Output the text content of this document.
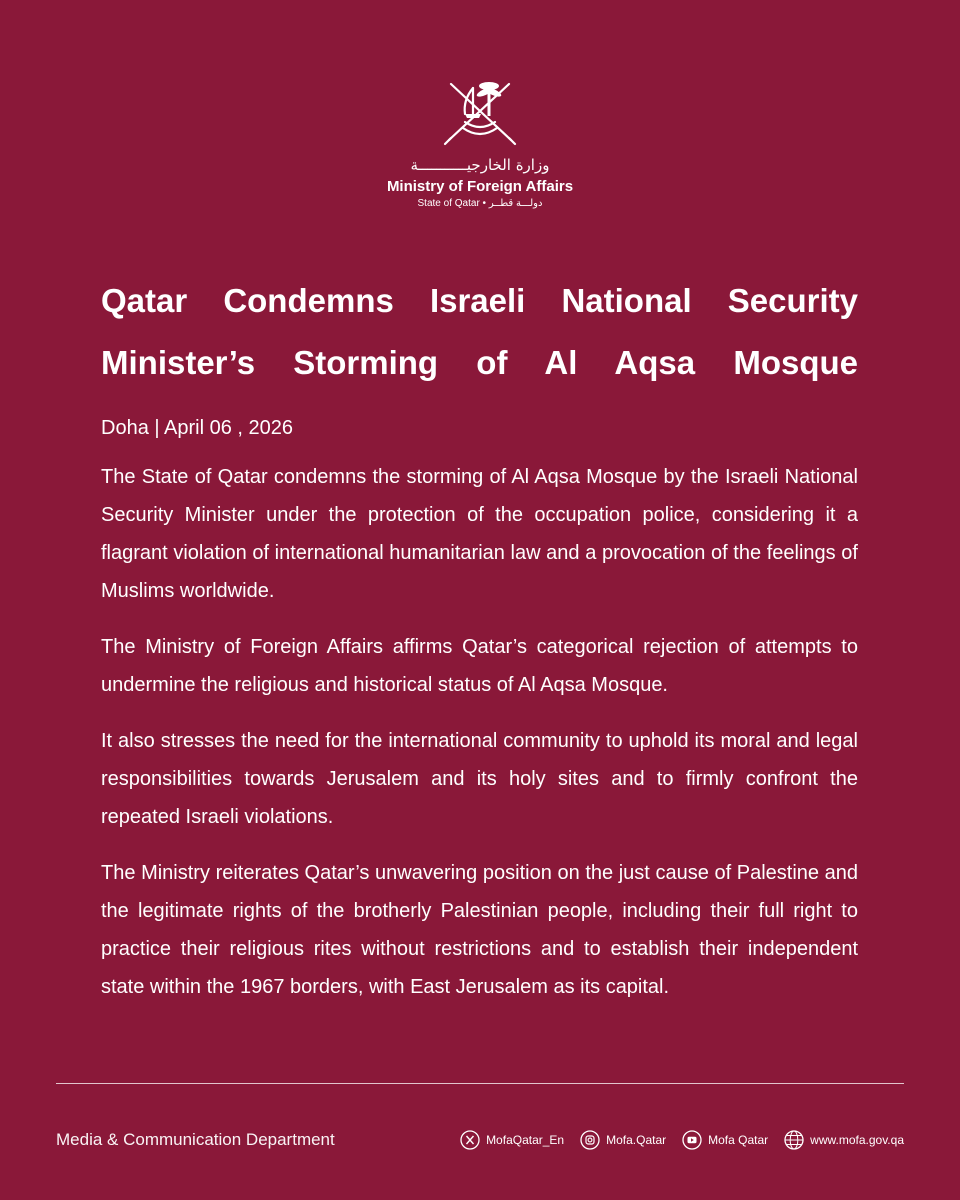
وزارة الخارجيـــــــــــة
Ministry of Foreign Affairs
State of Qatar • دولـــة قطــر
Qatar Condemns Israeli National Security
Minister’s Storming of Al Aqsa Mosque
Doha | April 06 , 2026

The State of Qatar condemns the storming of Al Aqsa Mosque by the Israeli National Security Minister under the protection of the occupation police, considering it a flagrant violation of international humanitarian law and a provocation of the feelings of Muslims worldwide.

The Ministry of Foreign Affairs affirms Qatar’s categorical rejection of attempts to undermine the religious and historical status of Al Aqsa Mosque.

It also stresses the need for the international community to uphold its moral and legal responsibilities towards Jerusalem and its holy sites and to firmly confront the repeated Israeli violations.

The Ministry reiterates Qatar’s unwavering position on the just cause of Palestine and the legitimate rights of the brotherly Palestinian people, including their full right to practice their religious rites without restrictions and to establish their independent state within the 1967 borders, with East Jerusalem as its capital.

Media & Communication Department	MofaQatar_En	Mofa.Qatar	Mofa Qatar	www.mofa.gov.qa
